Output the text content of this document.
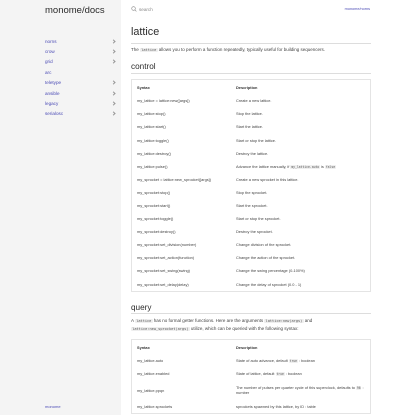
monome/docs
norns
crow
grid
arc
teletype
ansible
legacy
serialosc
monome
search
monome/norns
lattice

The lattice allows you to perform a function repeatedly, typically useful for building sequencers.

control
Syntax	Description
my_lattice = lattice:new([args])	Create a new lattice.
my_lattice:stop()	Stop the lattice.
my_lattice:start()	Start the lattice.
my_lattice:toggle()	Start or stop the lattice.
my_lattice:destroy()	Destroy the lattice.
my_lattice:pulse()	Advance the lattice manually, if my_lattice.auto is false
my_sprocket = lattice:new_sprocket([args])	Create a new sprocket in this lattice.
my_sprocket:stop()	Stop the sprocket.
my_sprocket:start()	Start the sprocket.
my_sprocket:toggle()	Start or stop the sprocket.
my_sprocket:destroy()	Destroy the sprocket.
my_sprocket:set_division(number)	Change division of the sprocket.
my_sprocket:set_action(function)	Change the action of the sprocket.
my_sprocket:set_swing(swing)	Change the swing percentage (0-100%)
my_sprocket:set_delay(delay)	Change the delay of sprocket (0.0 - 1)
query

A lattice has no formal getter functions. Here are the arguments lattice:new(args) and lattice:new_sprocket(args) utilize, which can be queried with the following syntax:

Syntax	Description
my_lattice.auto	State of auto advance, default true : boolean
my_lattice.enabled	State of lattice, default true : boolean
my_lattice.ppqn	The number of pulses per quarter cycle of this superclock, defaults to 96 : number
my_lattice.sprockets	sprockets spawned by this lattice, by ID : table
